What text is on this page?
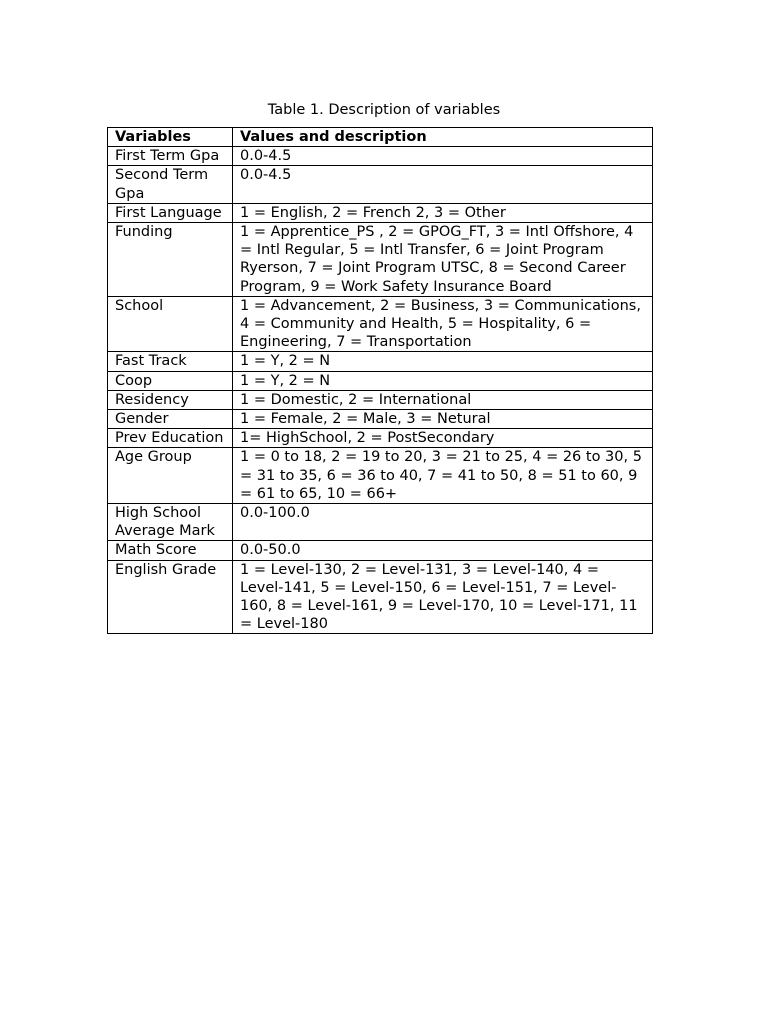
Table 1. Description of variables
Variables	Values and description
First Term Gpa	0.0-4.5
Second Term Gpa	0.0-4.5
First Language	1 = English, 2 = French 2, 3 = Other
Funding	1 = Apprentice_PS , 2 = GPOG_FT, 3 = Intl Offshore, 4 = Intl Regular, 5 = Intl Transfer, 6 = Joint Program Ryerson, 7 = Joint Program UTSC, 8 = Second Career Program, 9 = Work Safety Insurance Board
School	1 = Advancement, 2 = Business, 3 = Communications, 4 = Community and Health, 5 = Hospitality, 6 = Engineering, 7 = Transportation
Fast Track	1 = Y, 2 = N
Coop	1 = Y, 2 = N
Residency	1 = Domestic, 2 = International
Gender	1 = Female, 2 = Male, 3 = Netural
Prev Education	1= HighSchool, 2 = PostSecondary
Age Group	1 = 0 to 18, 2 = 19 to 20, 3 = 21 to 25, 4 = 26 to 30, 5 = 31 to 35, 6 = 36 to 40, 7 = 41 to 50, 8 = 51 to 60, 9 = 61 to 65, 10 = 66+
High School Average Mark	0.0-100.0
Math Score	0.0-50.0
English Grade	1 = Level-130, 2 = Level-131, 3 = Level-140, 4 = Level-141, 5 = Level-150, 6 = Level-151, 7 = Level-160, 8 = Level-161, 9 = Level-170, 10 = Level-171, 11 = Level-180
